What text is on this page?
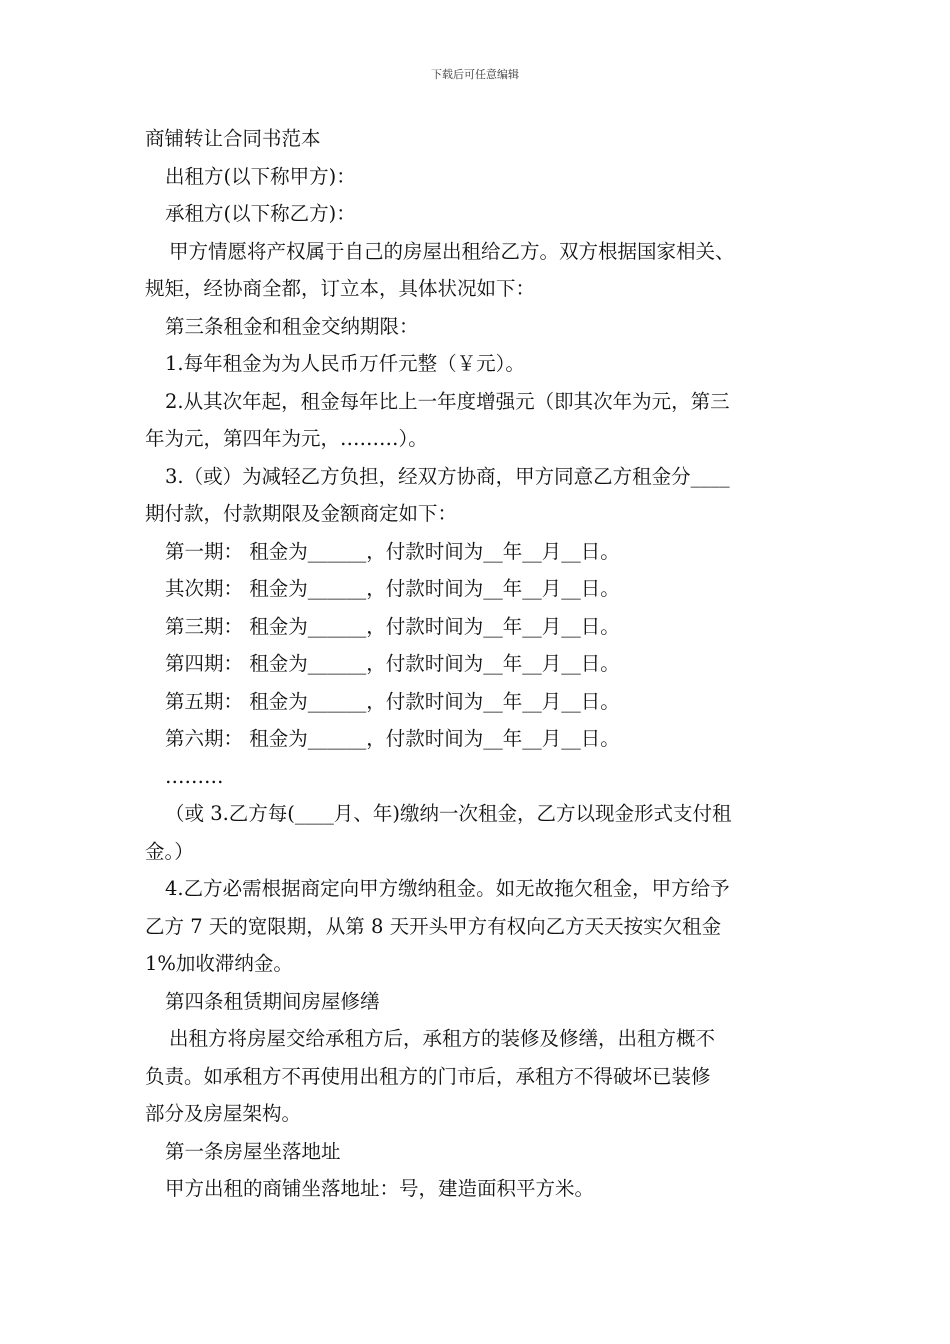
下载后可任意编辑

商铺转让合同书范本

出租方(以下称甲方)：

承租方(以下称乙方)：

甲方情愿将产权属于自己的房屋出租给乙方。双方根据国家相关、

规矩，经协商全都，订立本，具体状况如下：

第三条租金和租金交纳期限：

1.每年租金为为人民币万仟元整（￥元）。

2.从其次年起，租金每年比上一年度增强元（即其次年为元，第三

年为元，第四年为元，………）。

3.（或）为减轻乙方负担，经双方协商，甲方同意乙方租金分____

期付款，付款期限及金额商定如下：

第一期： 租金为______，付款时间为__年__月__日。

其次期： 租金为______，付款时间为__年__月__日。

第三期： 租金为______，付款时间为__年__月__日。

第四期： 租金为______，付款时间为__年__月__日。

第五期： 租金为______，付款时间为__年__月__日。

第六期： 租金为______，付款时间为__年__月__日。

………

（或 3.乙方每(____月、年)缴纳一次租金，乙方以现金形式支付租

金。）

4.乙方必需根据商定向甲方缴纳租金。如无故拖欠租金，甲方给予

乙方 7 天的宽限期，从第 8 天开头甲方有权向乙方天天按实欠租金

1%加收滞纳金。

第四条租赁期间房屋修缮

出租方将房屋交给承租方后，承租方的装修及修缮，出租方概不

负责。如承租方不再使用出租方的门市后，承租方不得破坏已装修

部分及房屋架构。

第一条房屋坐落地址

甲方出租的商铺坐落地址：号，建造面积平方米。
